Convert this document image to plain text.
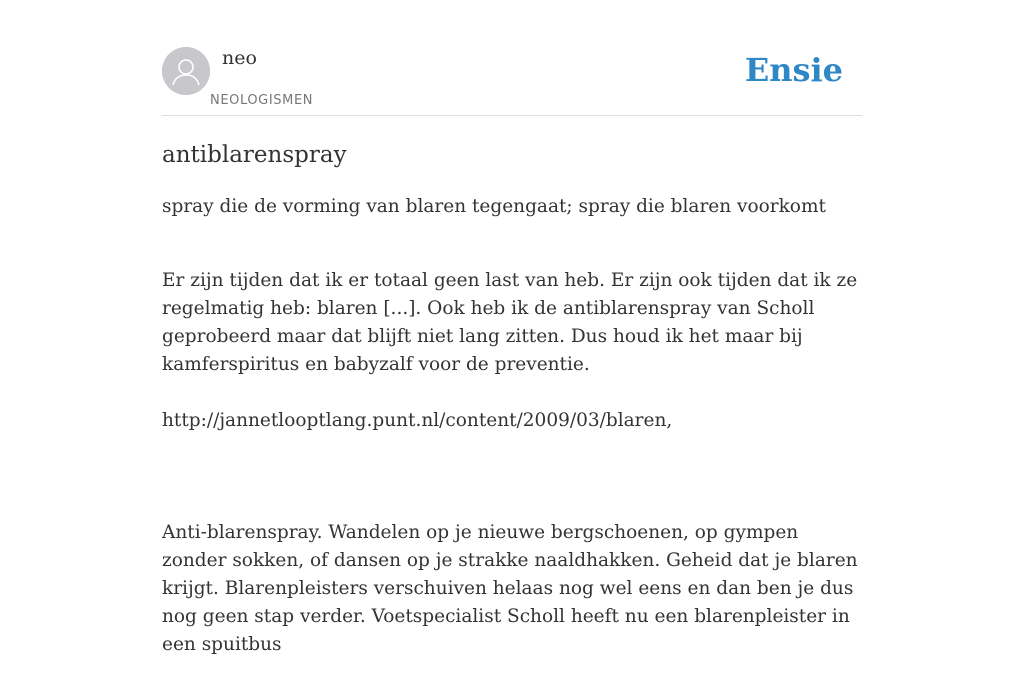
neo
NEOLOGISMEN
Ensie
antiblarenspray

spray die de vorming van blaren tegengaat; spray die blaren voorkomt

Er zijn tijden dat ik er totaal geen last van heb. Er zijn ook tijden dat ik ze regelmatig heb: blaren [...]. Ook heb ik de antiblarenspray van Scholl geprobeerd maar dat blijft niet lang zitten. Dus houd ik het maar bij kamferspiritus en babyzalf voor de preventie.

http://jannetlooptlang.punt.nl/content/2009/03/blaren,

Anti-blarenspray. Wandelen op je nieuwe bergschoenen, op gympen zonder sokken, of dansen op je strakke naaldhakken. Geheid dat je blaren krijgt. Blarenpleisters verschuiven helaas nog wel eens en dan ben je dus nog geen stap verder. Voetspecialist Scholl heeft nu een blarenpleister in een spuitbus
